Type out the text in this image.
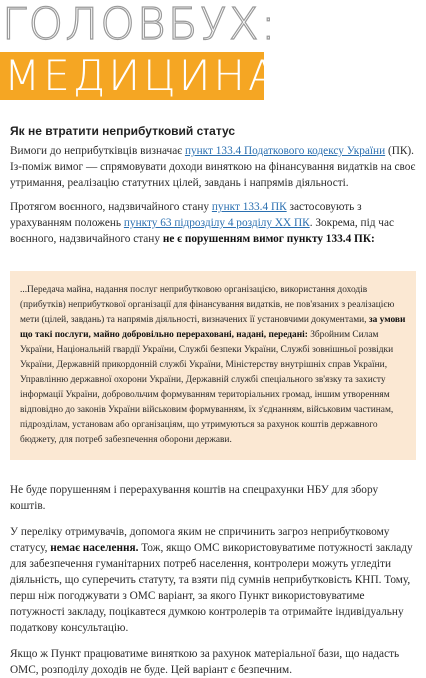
ГОЛОВБУХ:
МЕДИЦИНА
Як не втратити неприбутковий статус

Вимоги до неприбутківців визначає пункт 133.4 Податкового кодексу України (ПК). Із-поміж вимог — спрямовувати доходи виняткою на фінансування видатків на своє утримання, реалізацію статутних цілей, завдань і напрямів діяльності.

Протягом воєнного, надзвичайного стану пункт 133.4 ПК застосовують з урахуванням положень пункту 63 підрозділу 4 розділу XX ПК. Зокрема, під час воєнного, надзвичайного стану не є порушенням вимог пункту 133.4 ПК:

...Передача майна, надання послуг неприбутковою організацією, використання доходів (прибутків) неприбуткової організації для фінансування видатків, не пов'язаних з реалізацією мети (цілей, завдань) та напрямів діяльності, визначених її установчими документами, за умови що такі послуги, майно добровільно перераховані, надані, передані: Збройним Силам України, Національній гвардії України, Службі безпеки України, Службі зовнішньої розвідки України, Державній прикордонній службі України, Міністерству внутрішніх справ України, Управлінню державної охорони України, Державній службі спеціального зв'язку та захисту інформації України, добровольчим формуванням територіальних громад, іншим утворенням відповідно до законів України військовим формуванням, їх з'єднанням, військовим частинам, підрозділам, установам або організаціям, що утримуються за рахунок коштів державного бюджету, для потреб забезпечення оборони держави.

Не буде порушенням і перерахування коштів на спецрахунки НБУ для збору коштів.

У переліку отримувачів, допомога яким не спричинить загроз неприбутковому статусу, немає населення. Тож, якщо ОМС використовуватиме потужності закладу для забезпечення гуманітарних потреб населення, контролери можуть угледіти діяльність, що суперечить статуту, та взяти під сумнів неприбутковість КНП. Тому, перш ніж погоджувати з ОМС варіант, за якого Пункт використовуватиме потужності закладу, поцікавтеся думкою контролерів та отримайте індивідуальну податкову консультацію.

Якщо ж Пункт працюватиме виняткою за рахунок матеріальної бази, що надасть ОМС, розподілу доходів не буде. Цей варіант є безпечним.
